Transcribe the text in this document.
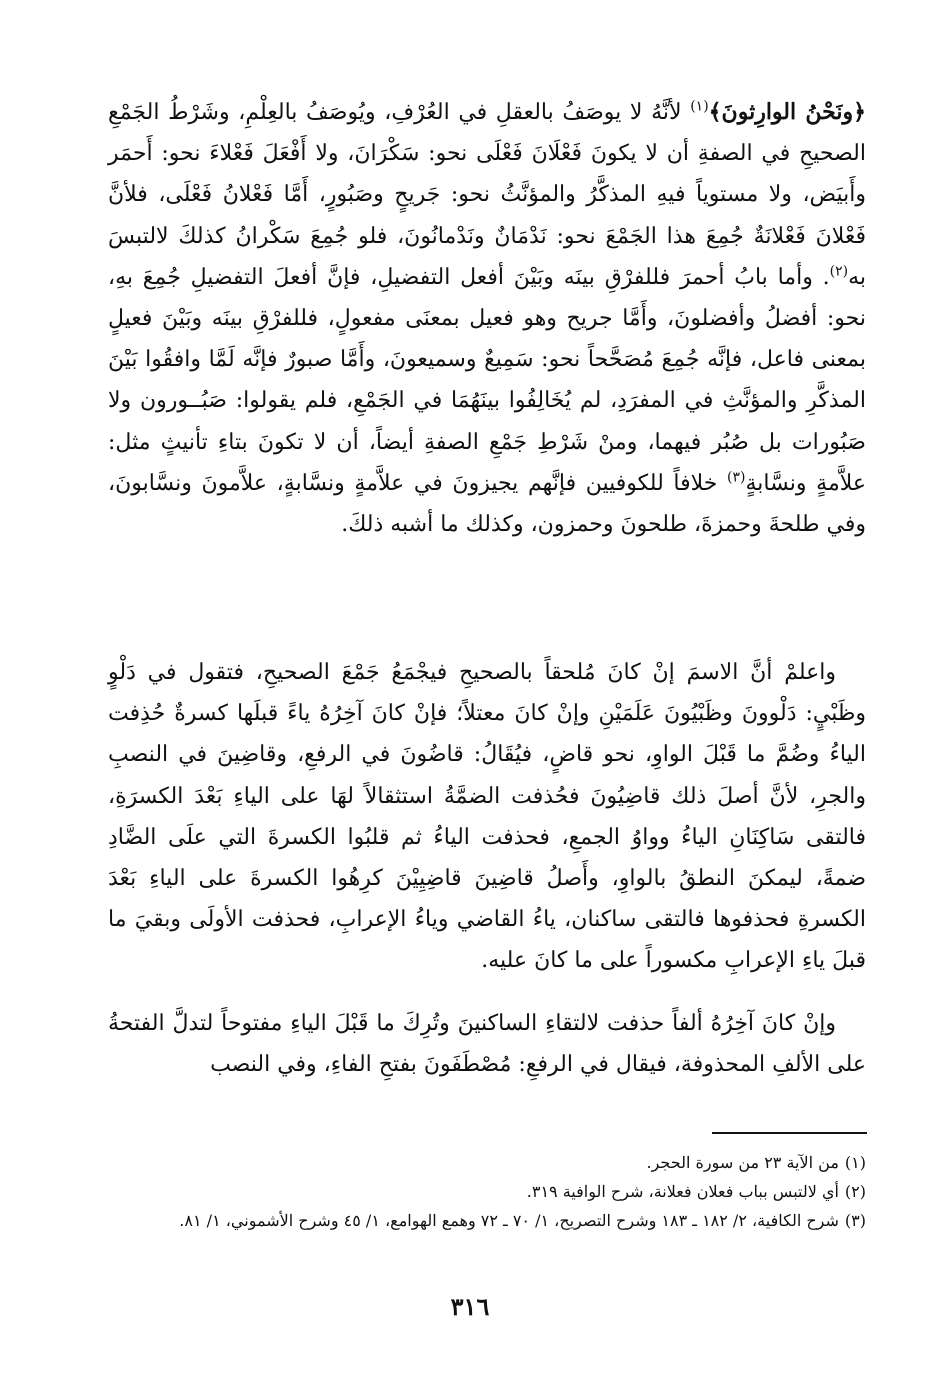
﴿ونَحْنُ الوارِثونَ﴾$^{(١)}$ لأنَّهُ لا يوصَفُ بالعقلِ في العُرْفِ، ويُوصَفُ بالعِلْمِ، وشَرْطُ الجَمْعِ الصحيحِ في الصفةِ أن لا يكونَ فَعْلَانَ فَعْلَى نحو: سَكْرَانَ، ولا أَفْعَلَ فَعْلاءَ نحو: أَحمَر وأَبيَض، ولا مستوياً فيهِ المذكَّرُ والمؤنَّثُ نحو: جَريحٍ وصَبُورٍ، أَمَّا فَعْلانُ فَعْلَى، فلأنَّ فَعْلانَ فَعْلانَةٌ جُمِعَ هذا الجَمْعَ نحو: نَدْمَانٌ ونَدْمانُونَ، فلو جُمِعَ سَكْرانُ كذلكَ لالتبسَ به$^{(٢)}$. وأما بابُ أحمرَ فللفرْقِ بينَه وبَيْنَ أفعل التفضيلِ، فإنَّ أفعلَ التفضيلِ جُمِعَ بهِ، نحو: أفضلُ وأفضلونَ، وأَمَّا جريح وهو فعيل بمعنَى مفعولٍ، فللفرْقِ بينَه وبَيْنَ فعيلٍ بمعنى فاعل، فإنَّه جُمِعَ مُصَحَّحاً نحو: سَمِيعٌ وسميعونَ، وأَمَّا صبورٌ فإنَّه لَمَّا وافقُوا بَيْنَ المذكَّرِ والمؤنَّثِ في المفرَدِ، لم يُخَالِفُوا بينَهُمَا في الجَمْعِ، فلم يقولوا: صَبُــورون ولا صَبُورات بل صُبُر فيهما، ومنْ شَرْطِ جَمْعِ الصفةِ أيضاً، أن لا تكونَ بتاءِ تأنيثٍ مثل: علاَّمةٍ ونسَّابةٍ$^{(٣)}$ خلافاً للكوفيين فإنَّهم يجيزونَ في علاَّمةٍ ونسَّابةٍ، علاَّمونَ ونسَّابونَ، وفي طلحةَ وحمزةَ، طلحونَ وحمزون، وكذلك ما أشبه ذلكَ.
واعلمْ أنَّ الاسمَ إنْ كانَ مُلحقاً بالصحيحِ فيجْمَعُ جَمْعَ الصحيحِ، فتقول في دَلْوٍ وظَبْيٍ: دَلْوونَ وظَبْيُونَ عَلَمَيْنِ وإنْ كانَ معتلاً؛ فإنْ كانَ آخِرُهُ ياءً قبلَها كسرةٌ حُذِفت الياءُ وضُمَّ ما قَبْلَ الواوِ، نحو قاضٍ، فيُقَالُ: قاضُونَ في الرفعِ، وقاضِينَ في النصبِ والجرِ، لأنَّ أصلَ ذلك قاضِيُونَ فحُذفت الضمَّةُ استثقالاً لهَا على الياءِ بَعْدَ الكسرَةِ، فالتقى سَاكِنَانِ الياءُ وواوُ الجمعِ، فحذفت الياءُ ثم قلبُوا الكسرةَ التي علَى الضَّادِ ضمةً، ليمكنَ النطقُ بالواوِ، وأَصلُ قاضِينَ قاضِيِيْنَ كرِهُوا الكسرةَ على الياءِ بَعْدَ الكسرةِ فحذفوها فالتقى ساكنان، ياءُ القاضي وياءُ الإعرابِ، فحذفت الأولَى وبقيَ ما قبلَ ياءِ الإعرابِ مكسوراً على ما كانَ عليه.
وإنْ كانَ آخِرُهُ ألفاً حذفت لالتقاءِ الساكنينَ وتُرِكَ ما قَبْلَ الياءِ مفتوحاً لتدلَّ الفتحةُ على الألفِ المحذوفة، فيقال في الرفعِ: مُصْطَفَونَ بفتحِ الفاءِ، وفي النصب

(١)من الآية ٢٣ من سورة الحجر.

(٢)أي لالتبس بباب فعلان فعلانة، شرح الوافية ٣١٩.

(٣)شرح الكافية، ٢/ ١٨٢ ـ ١٨٣ وشرح التصريح، ١/ ٧٠ ـ ٧٢ وهمع الهوامع، ١/ ٤٥ وشرح الأشموني، ١/ ٨١.

٣١٦
